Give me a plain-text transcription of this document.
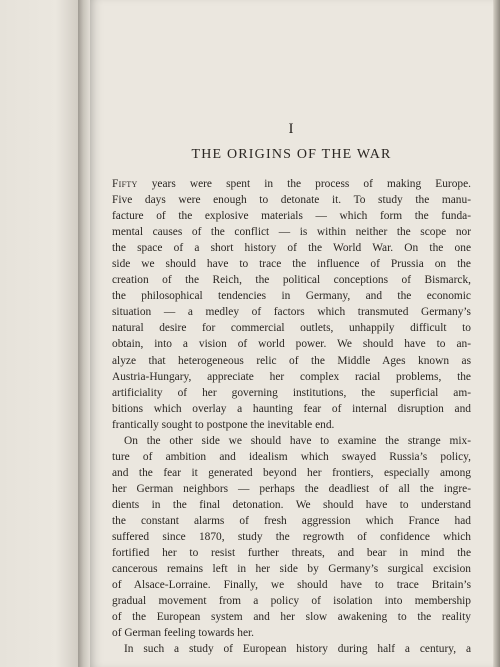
I
THE ORIGINS OF THE WAR

Fifty years were spent in the process of making Europe.
Five days were enough to detonate it. To study the manu-
facture of the explosive materials — which form the funda-
mental causes of the conflict — is within neither the scope nor
the space of a short history of the World War. On the one
side we should have to trace the influence of Prussia on the
creation of the Reich, the political conceptions of Bismarck,
the philosophical tendencies in Germany, and the economic
situation — a medley of factors which transmuted Germany’s
natural desire for commercial outlets, unhappily difficult to
obtain, into a vision of world power. We should have to an-
alyze that heterogeneous relic of the Middle Ages known as
Austria-Hungary, appreciate her complex racial problems, the
artificiality of her governing institutions, the superficial am-
bitions which overlay a haunting fear of internal disruption and
frantically sought to postpone the inevitable end.

On the other side we should have to examine the strange mix-
ture of ambition and idealism which swayed Russia’s policy,
and the fear it generated beyond her frontiers, especially among
her German neighbors — perhaps the deadliest of all the ingre-
dients in the final detonation. We should have to understand
the constant alarms of fresh aggression which France had
suffered since 1870, study the regrowth of confidence which
fortified her to resist further threats, and bear in mind the
cancerous remains left in her side by Germany’s surgical excision
of Alsace-Lorraine. Finally, we should have to trace Britain’s
gradual movement from a policy of isolation into membership
of the European system and her slow awakening to the reality
of German feeling towards her.

In such a study of European history during half a century, a
